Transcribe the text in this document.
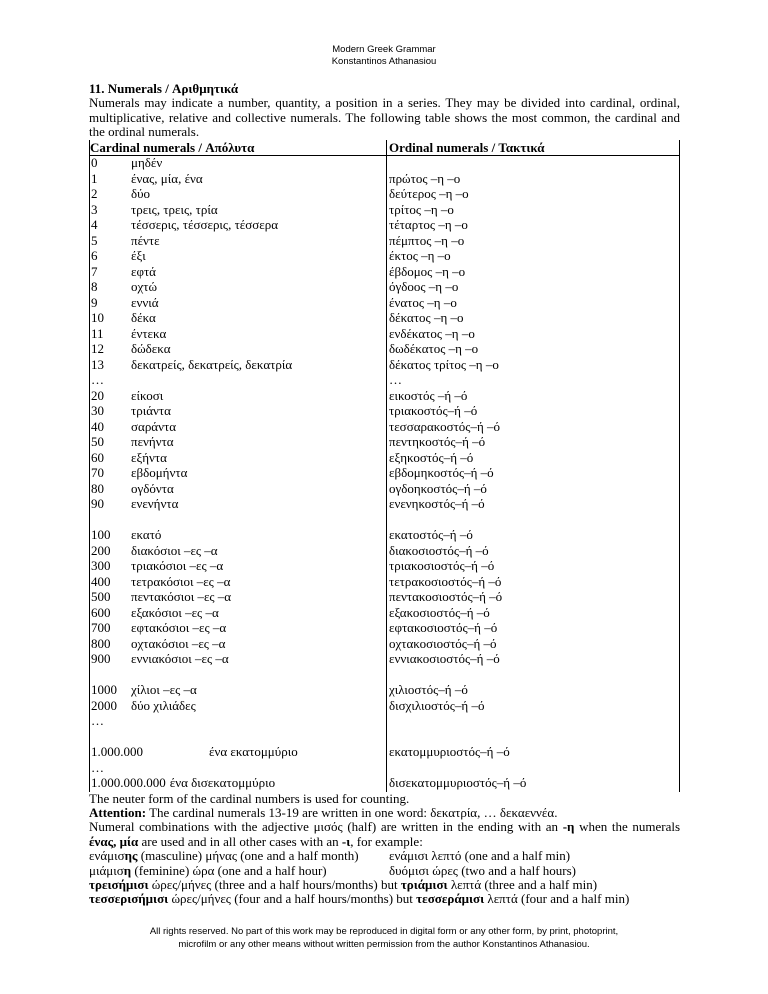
Modern Greek Grammar
Konstantinos Athanasiou
11. Numerals / Αριθμητικά

Numerals may indicate a number, quantity, a position in a series. They may be divided into cardinal, ordinal, multiplicative, relative and collective numerals. The following table shows the most common, the cardinal and the ordinal numerals.

Cardinal numerals / Απόλυτα		Ordinal numerals / Τακτικά
0	μηδέν	
1	ένας, μία, ένα	πρώτος –η –ο
2	δύο	δεύτερος –η –ο
3	τρεις, τρεις, τρία	τρίτος –η –ο
4	τέσσερις, τέσσερις, τέσσερα	τέταρτος –η –ο
5	πέντε	πέμπτος –η –ο
6	έξι	έκτος –η –ο
7	εφτά	έβδομος –η –ο
8	οχτώ	όγδοος –η –ο
9	εννιά	ένατος –η –ο
10	δέκα	δέκατος –η –ο
11	έντεκα	ενδέκατος –η –ο
12	δώδεκα	δωδέκατος –η –ο
13	δεκατρείς, δεκατρείς, δεκατρία	δέκατος τρίτος –η –ο
…		…
20	είκοσι	εικοστός –ή –ό
30	τριάντα	τριακοστός–ή –ό
40	σαράντα	τεσσαρακοστός–ή –ό
50	πενήντα	πεντηκοστός–ή –ό
60	εξήντα	εξηκοστός–ή –ό
70	εβδομήντα	εβδομηκοστός–ή –ό
80	ογδόντα	ογδοηκοστός–ή –ό
90	ενενήντα	ενενηκοστός–ή –ό

100	εκατό	εκατοστός–ή –ό
200	διακόσιοι –ες –α	διακοσιοστός–ή –ό
300	τριακόσιοι –ες –α	τριακοσιοστός–ή –ό
400	τετρακόσιοι –ες –α	τετρακοσιοστός–ή –ό
500	πεντακόσιοι –ες –α	πεντακοσιοστός–ή –ό
600	εξακόσιοι –ες –α	εξακοσιοστός–ή –ό
700	εφτακόσιοι –ες –α	εφτακοσιοστός–ή –ό
800	οχτακόσιοι –ες –α	οχτακοσιοστός–ή –ό
900	εννιακόσιοι –ες –α	εννιακοσιοστός–ή –ό

1000	χίλιοι –ες –α	χιλιοστός–ή –ό
2000	δύο χιλιάδες	δισχιλιοστός–ή –ό
…		

1.000.000 ένα εκατομμύριο		εκατομμυριοστός–ή –ό
…		
1.000.000.000 ένα δισεκατομμύριο		δισεκατομμυριοστός–ή –ό

The neuter form of the cardinal numbers is used for counting.

Attention: The cardinal numerals 13-19 are written in one word: δεκατρία, … δεκαεννέα.

Numeral combinations with the adjective μισός (half) are written in the ending with an -η when the numerals ένας, μία are used and in all other cases with an -ι, for example:

ενάμισης (masculine) μήνας (one and a half month)	ενάμισι λεπτό (one and a half min)
μιάμιση (feminine) ώρα (one and a half hour)	δυόμισι ώρες (two and a half hours)

τρεισήμισι ώρες/μήνες (three and a half hours/months) but τριάμισι λεπτά (three and a half min)

τεσσερισήμισι ώρες/μήνες (four and a half hours/months) but τεσσεράμισι λεπτά (four and a half min)

All rights reserved. No part of this work may be reproduced in digital form or any other form, by print, photoprint,
microfilm or any other means without written permission from the author Konstantinos Athanasiou.
